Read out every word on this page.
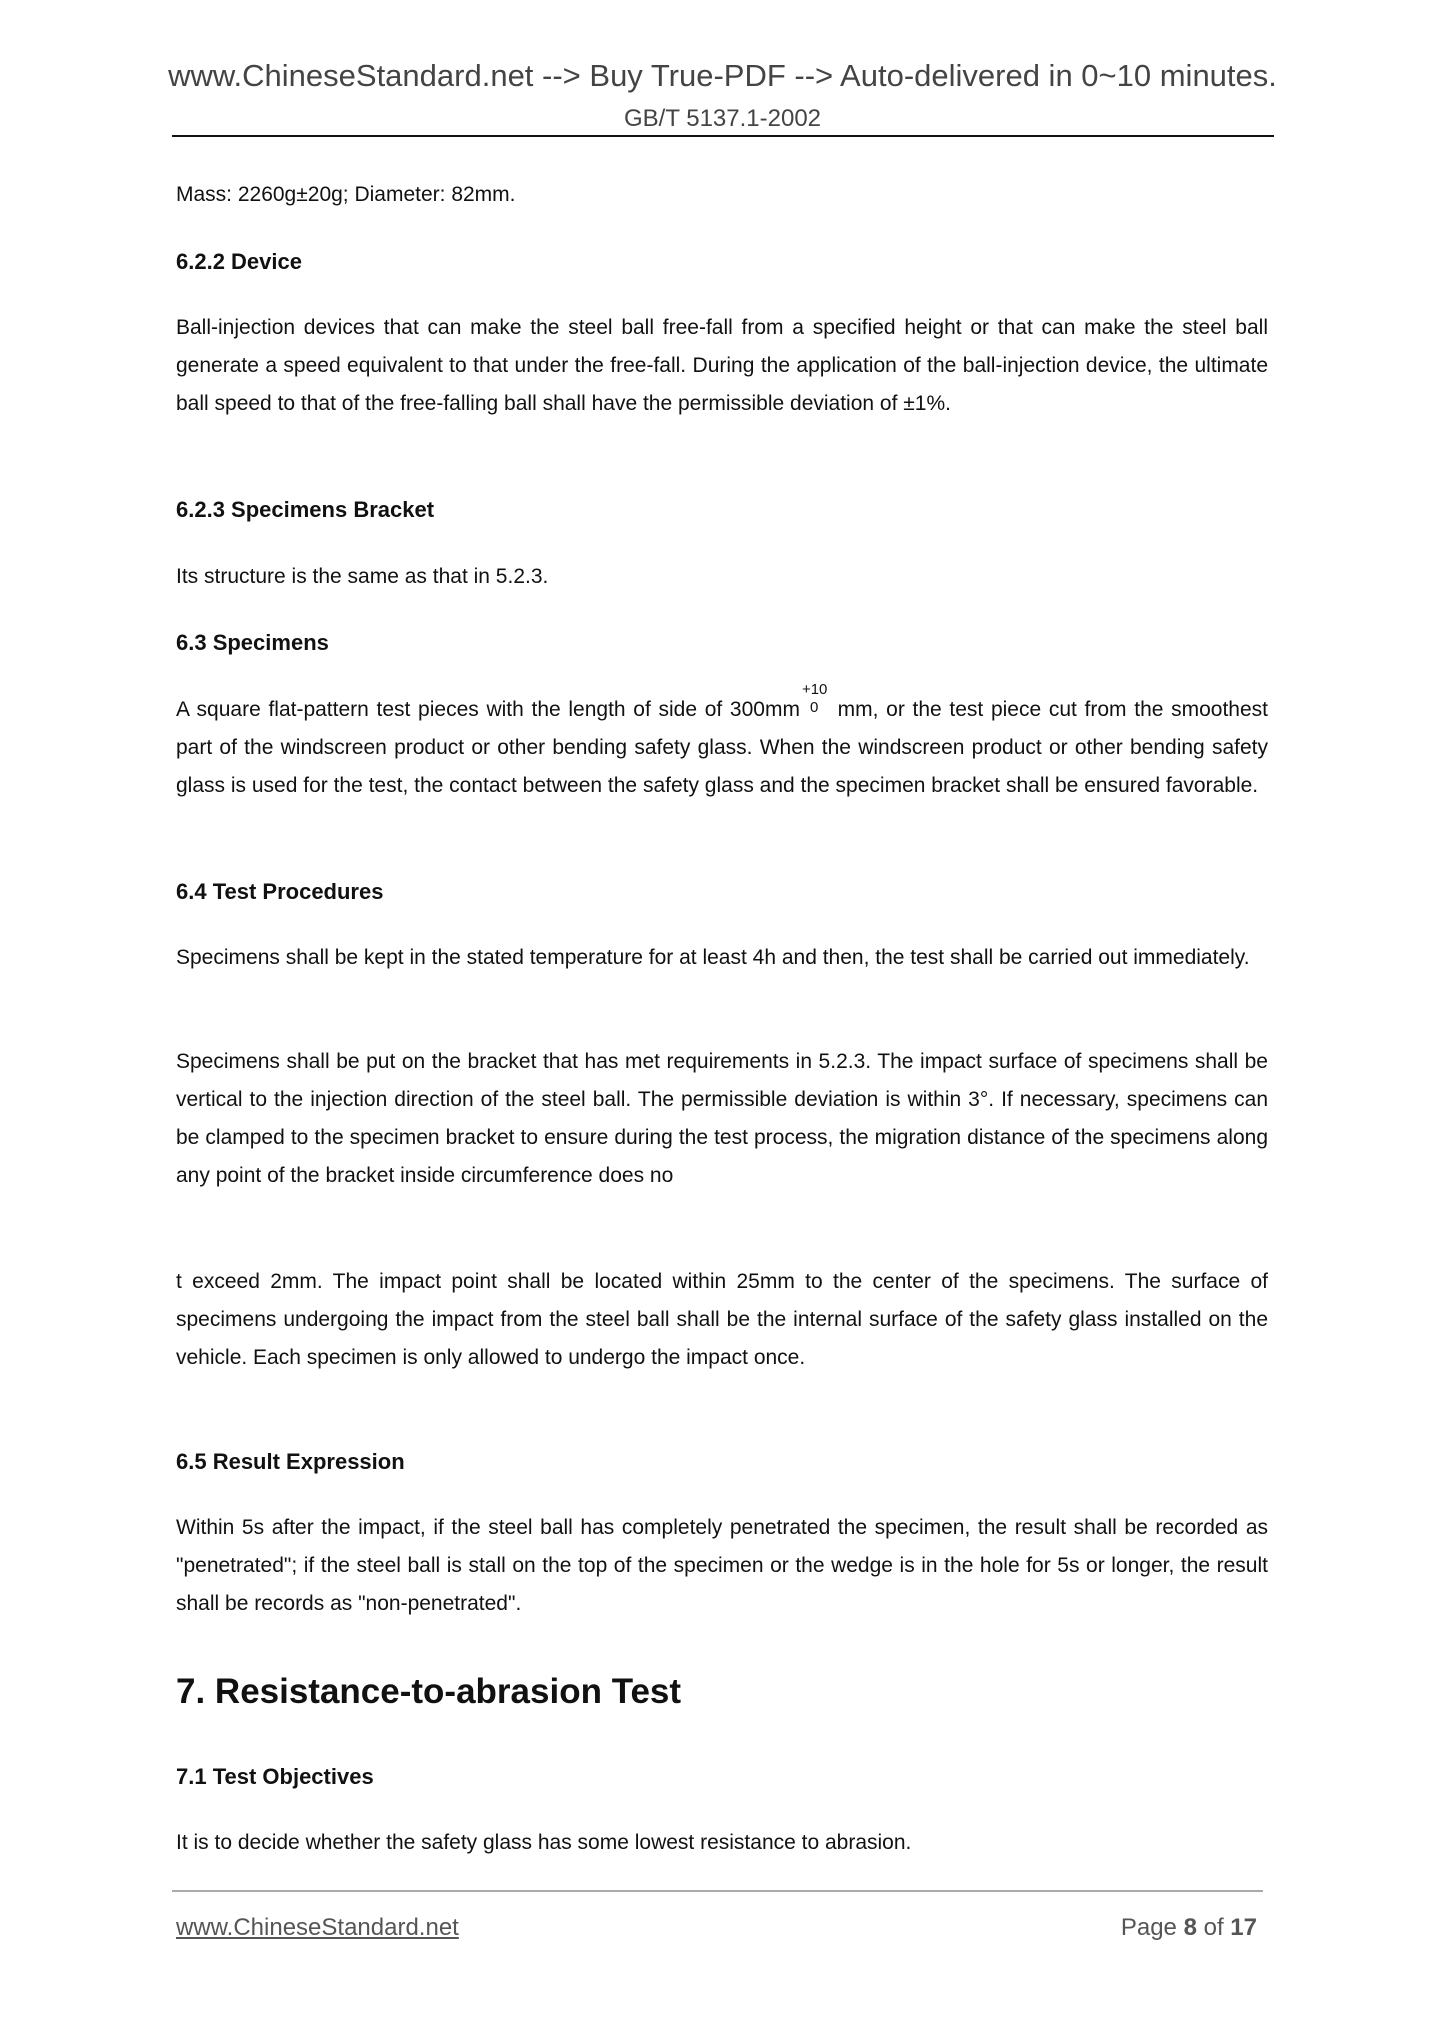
www.ChineseStandard.net --> Buy True-PDF --> Auto-delivered in 0~10 minutes.
GB/T 5137.1-2002

Mass: 2260g±20g; Diameter: 82mm.

6.2.2 Device

Ball-injection devices that can make the steel ball free-fall from a specified height or that can make the steel ball generate a speed equivalent to that under the free-fall. During the application of the ball-injection device, the ultimate ball speed to that of the free-falling ball shall have the permissible deviation of ±1%.

6.2.3 Specimens Bracket

Its structure is the same as that in 5.2.3.

6.3 Specimens

A square flat-pattern test pieces with the length of side of 300mm
+10
0 mm, or the test piece cut from the smoothest part of the windscreen product or other bending safety glass. When the windscreen product or other bending safety glass is used for the test, the contact between the safety glass and the specimen bracket shall be ensured favorable.

6.4 Test Procedures

Specimens shall be kept in the stated temperature for at least 4h and then, the test shall be carried out immediately.

Specimens shall be put on the bracket that has met requirements in 5.2.3. The impact surface of specimens shall be vertical to the injection direction of the steel ball. The permissible deviation is within 3°. If necessary, specimens can be clamped to the specimen bracket to ensure during the test process, the migration distance of the specimens along any point of the bracket inside circumference does no

t exceed 2mm. The impact point shall be located within 25mm to the center of the specimens. The surface of specimens undergoing the impact from the steel ball shall be the internal surface of the safety glass installed on the vehicle. Each specimen is only allowed to undergo the impact once.

6.5 Result Expression

Within 5s after the impact, if the steel ball has completely penetrated the specimen, the result shall be recorded as "penetrated"; if the steel ball is stall on the top of the specimen or the wedge is in the hole for 5s or longer, the result shall be records as "non-penetrated".

7. Resistance-to-abrasion Test
7.1 Test Objectives

It is to decide whether the safety glass has some lowest resistance to abrasion.

www.ChineseStandard.net	Page 8 of 17
